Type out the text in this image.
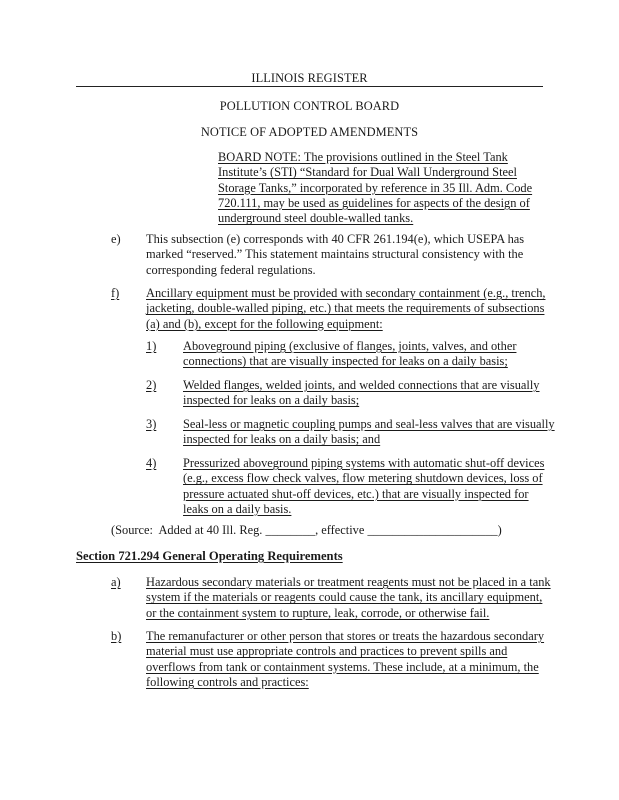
ILLINOIS REGISTER
POLLUTION CONTROL BOARD
NOTICE OF ADOPTED AMENDMENTS
BOARD NOTE: The provisions outlined in the Steel Tank
Institute’s (STI) “Standard for Dual Wall Underground Steel
Storage Tanks,” incorporated by reference in 35 Ill. Adm. Code
720.111, may be used as guidelines for aspects of the design of
underground steel double-walled tanks.
e) This subsection (e) corresponds with 40 CFR 261.194(e), which USEPA has
marked “reserved.” This statement maintains structural consistency with the
corresponding federal regulations.
f) Ancillary equipment must be provided with secondary containment (e.g., trench,
jacketing, double-walled piping, etc.) that meets the requirements of subsections
(a) and (b), except for the following equipment:
1) Aboveground piping (exclusive of flanges, joints, valves, and other
connections) that are visually inspected for leaks on a daily basis;
2) Welded flanges, welded joints, and welded connections that are visually
inspected for leaks on a daily basis;
3) Seal-less or magnetic coupling pumps and seal-less valves that are visually
inspected for leaks on a daily basis; and
4) Pressurized aboveground piping systems with automatic shut-off devices
(e.g., excess flow check valves, flow metering shutdown devices, loss of
pressure actuated shut-off devices, etc.) that are visually inspected for
leaks on a daily basis.
(Source:  Added at 40 Ill. Reg. ________, effective _____________________)
Section 721.294 General Operating Requirements
a) Hazardous secondary materials or treatment reagents must not be placed in a tank
system if the materials or reagents could cause the tank, its ancillary equipment,
or the containment system to rupture, leak, corrode, or otherwise fail.
b) The remanufacturer or other person that stores or treats the hazardous secondary
material must use appropriate controls and practices to prevent spills and
overflows from tank or containment systems. These include, at a minimum, the
following controls and practices:
